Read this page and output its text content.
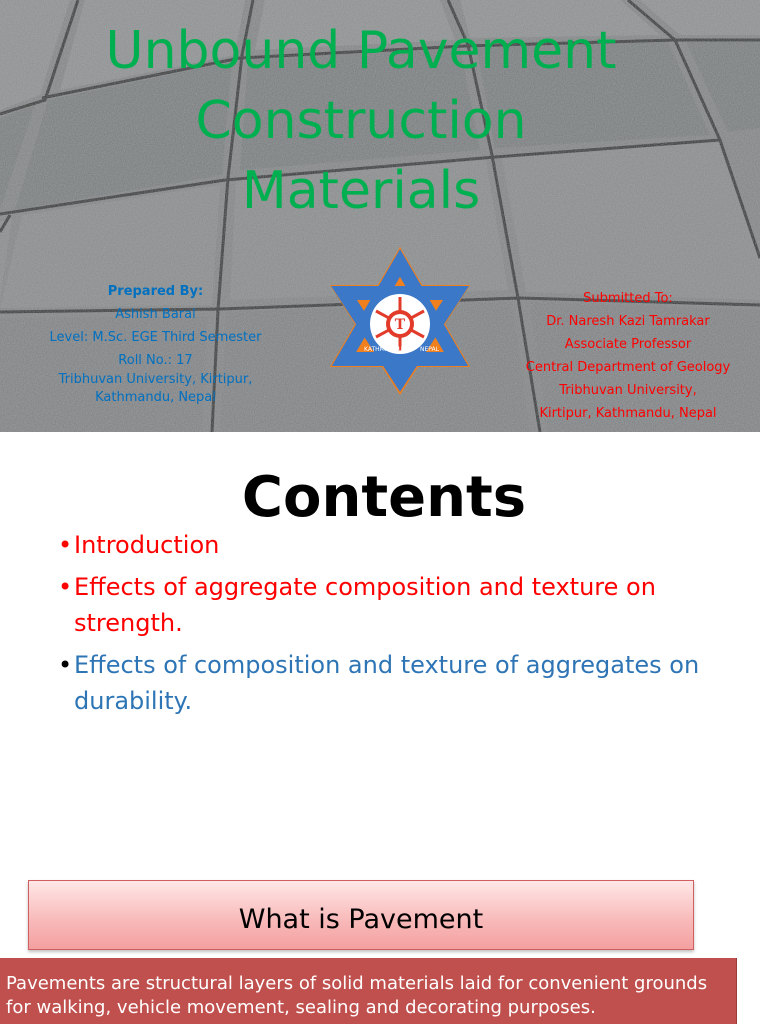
Unbound Pavement
Construction
Materials
Prepared By:
Ashish Baral
Level: M.Sc. EGE Third Semester
Roll No.: 17
Tribhuvan University, Kirtipur,
Kathmandu, Nepal
T
KATHMANDU	NEPAL
Submitted To:
Dr. Naresh Kazi Tamrakar
Associate Professor
Central Department of Geology
Tribhuvan University,
Kirtipur, Kathmandu, Nepal
Contents
• Introduction
• Effects of aggregate composition and texture on strength.
• Effects of composition and texture of aggregates on durability.
What is Pavement

Pavements are structural layers of solid materials laid for convenient grounds for walking, vehicle movement, sealing and decorating purposes.
